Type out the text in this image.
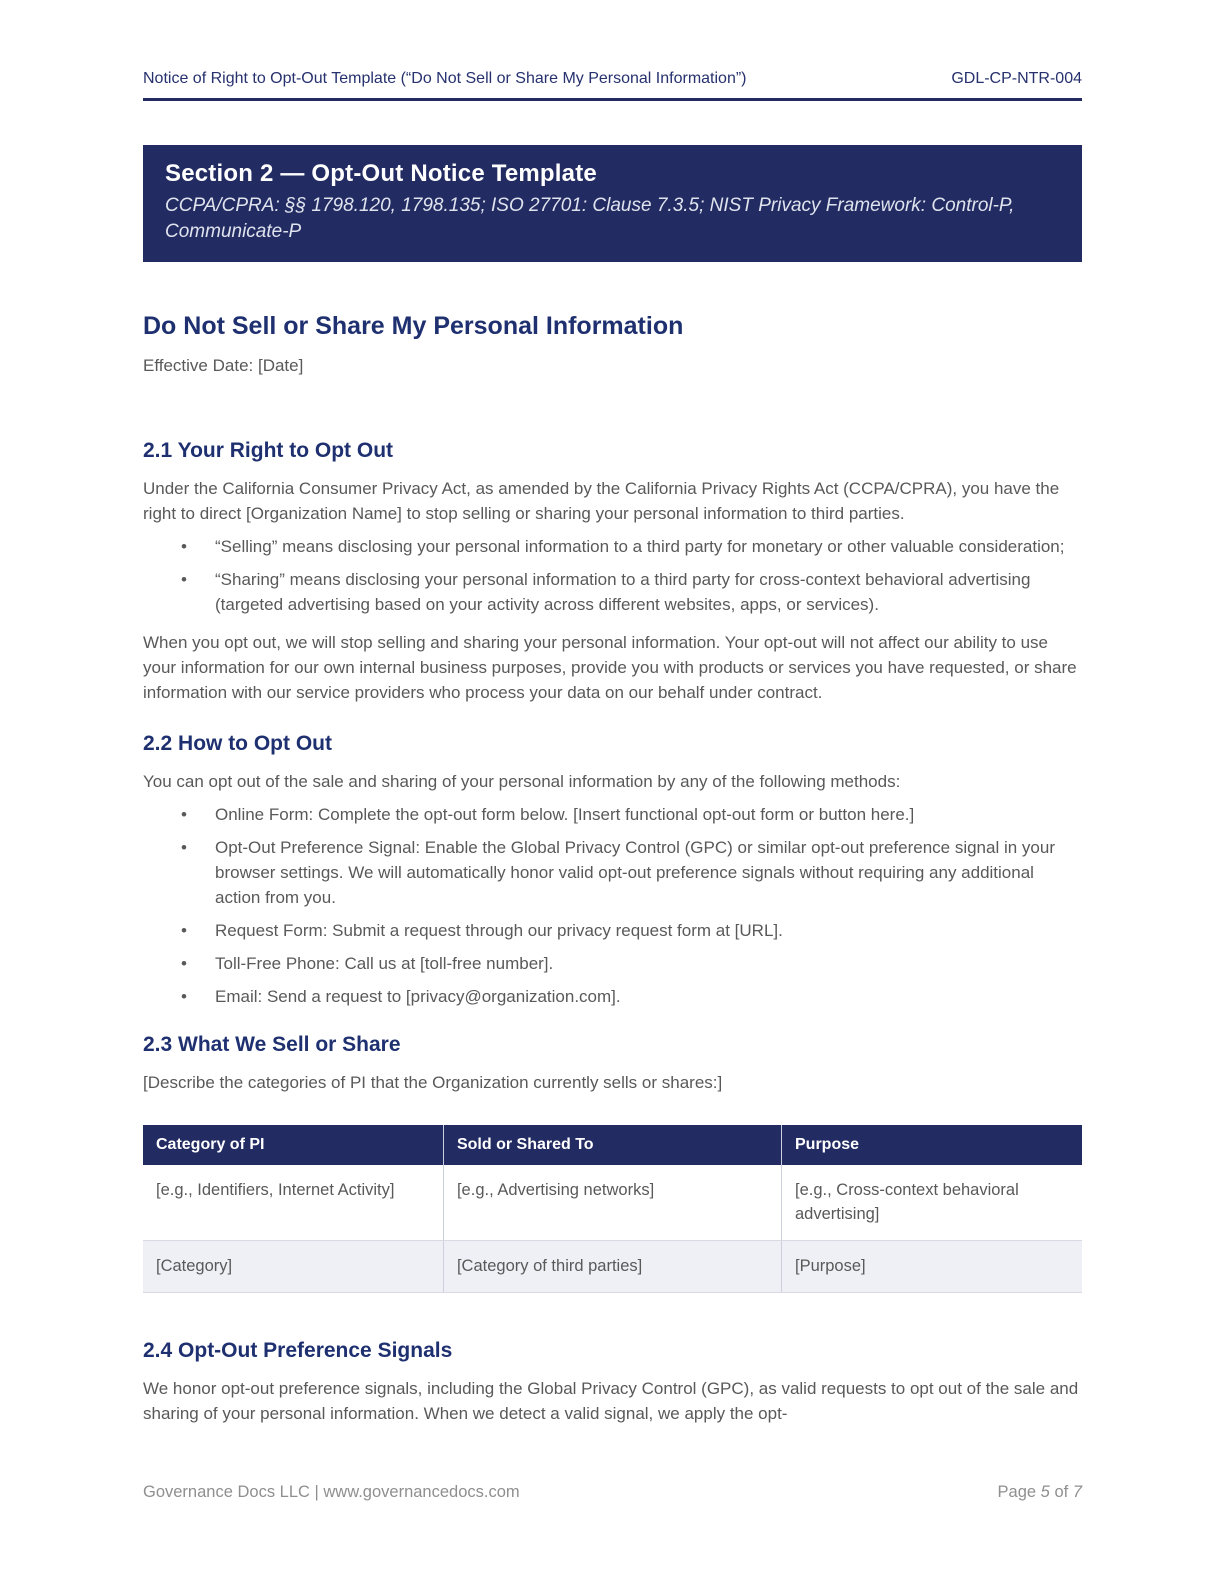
Notice of Right to Opt-Out Template (“Do Not Sell or Share My Personal Information”)	GDL-CP-NTR-004
Section 2 — Opt-Out Notice Template
CCPA/CPRA: §§ 1798.120, 1798.135; ISO 27701: Clause 7.3.5; NIST Privacy Framework: Control-P, Communicate-P
Do Not Sell or Share My Personal Information

Effective Date: [Date]

2.1 Your Right to Opt Out

Under the California Consumer Privacy Act, as amended by the California Privacy Rights Act (CCPA/CPRA), you have the right to direct [Organization Name] to stop selling or sharing your personal information to third parties.

• “Selling” means disclosing your personal information to a third party for monetary or other valuable consideration;
• “Sharing” means disclosing your personal information to a third party for cross-context behavioral advertising (targeted advertising based on your activity across different websites, apps, or services).

When you opt out, we will stop selling and sharing your personal information. Your opt-out will not affect our ability to use your information for our own internal business purposes, provide you with products or services you have requested, or share information with our service providers who process your data on our behalf under contract.

2.2 How to Opt Out

You can opt out of the sale and sharing of your personal information by any of the following methods:

• Online Form: Complete the opt-out form below. [Insert functional opt-out form or button here.]
• Opt-Out Preference Signal: Enable the Global Privacy Control (GPC) or similar opt-out preference signal in your browser settings. We will automatically honor valid opt-out preference signals without requiring any additional action from you.
• Request Form: Submit a request through our privacy request form at [URL].
• Toll-Free Phone: Call us at [toll-free number].
• Email: Send a request to [privacy@organization.com].
2.3 What We Sell or Share

[Describe the categories of PI that the Organization currently sells or shares:]

Category of PI	Sold or Shared To	Purpose
[e.g., Identifiers, Internet Activity]	[e.g., Advertising networks]	[e.g., Cross-context behavioral advertising]
[Category]	[Category of third parties]	[Purpose]
2.4 Opt-Out Preference Signals

We honor opt-out preference signals, including the Global Privacy Control (GPC), as valid requests to opt out of the sale and sharing of your personal information. When we detect a valid signal, we apply the opt-

Governance Docs LLC | www.governancedocs.com	Page 5 of 7
